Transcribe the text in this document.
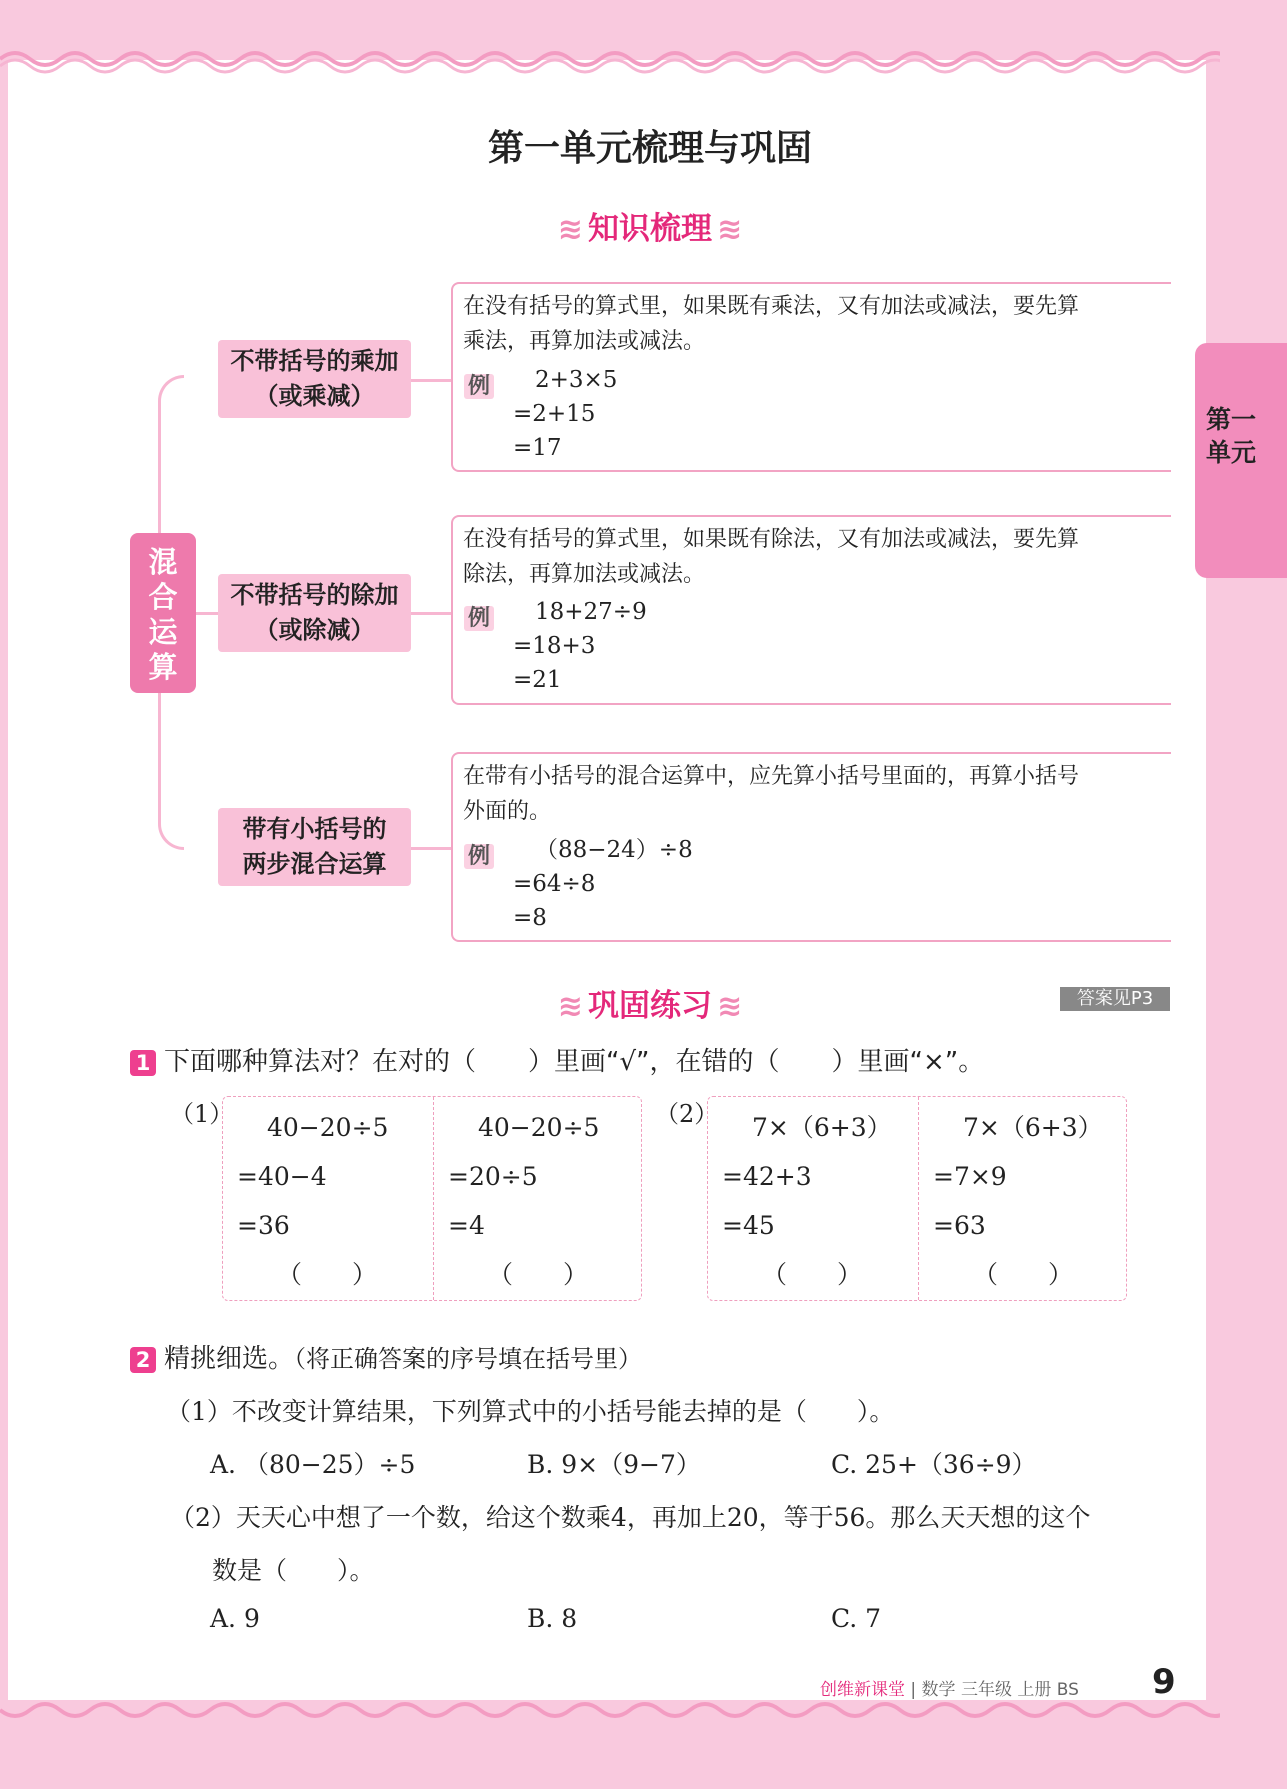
第一单元
第一单元梳理与巩固
≋ 知识梳理 ≋
混合运算
不带括号的乘加
（或乘减）
不带括号的除加
（或除减）
带有小括号的
两步混合运算
在没有括号的算式里，如果既有乘法，又有加法或减法，要先算
乘法，再算加法或减法。
例	2+3×5
=2+15
=17
在没有括号的算式里，如果既有除法，又有加法或减法，要先算
除法，再算加法或减法。
例	18+27÷9
=18+3
=21
在带有小括号的混合运算中，应先算小括号里面的，再算小括号
外面的。
例	（88−24）÷8
=64÷8
=8
≋ 巩固练习 ≋	答案见P3
1 下面哪种算法对？在对的（　　）里画“√”，在错的（　　）里画“×”。
（1）	40−20÷5
=40−4
=36
（　　）
40−20÷5
=20÷5
=4
（　　）
（2）	7×（6+3）
=42+3
=45
（　　）
7×（6+3）
=7×9
=63
（　　）
2 精挑细选。（将正确答案的序号填在括号里）
（1）不改变计算结果，下列算式中的小括号能去掉的是（　　）。
A. （80−25）÷5	B. 9×（9−7）	C. 25+（36÷9）
（2）天天心中想了一个数，给这个数乘4，再加上20，等于56。那么天天想的这个
数是（　　）。
A. 9	B. 8	C. 7
创维新课堂 | 数学 三年级 上册 BS 9
